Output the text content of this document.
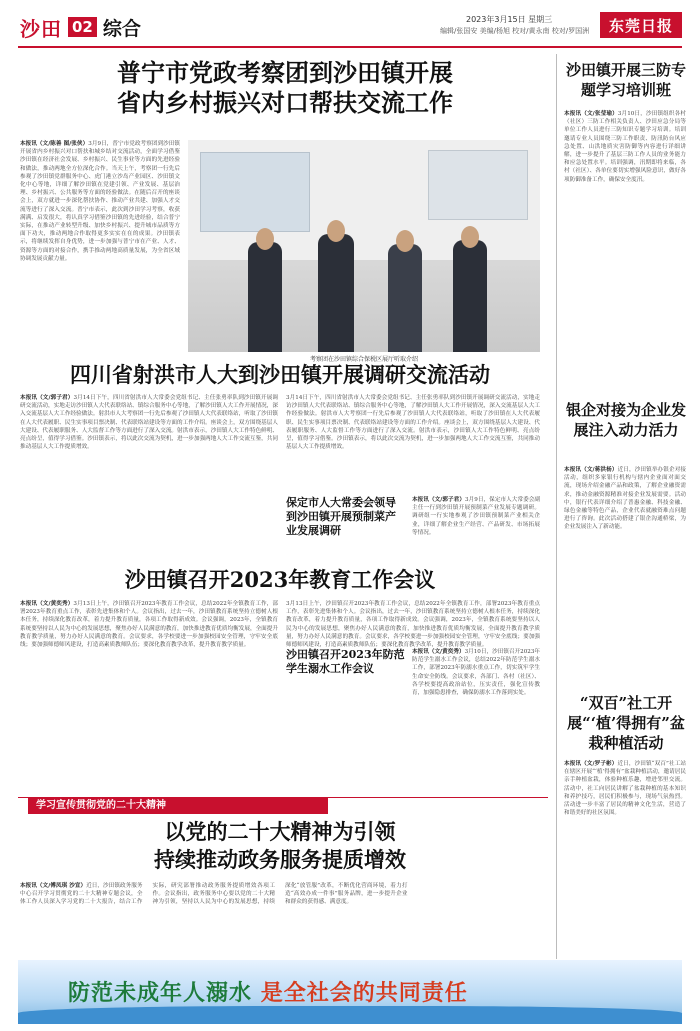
沙田 02 综合	2023年3月15日 星期三
编辑/张国安 美编/杨旭 校对/黄永南 校对/罗国洲	东莞日报
普宁市党政考察团到沙田镇开展
省内乡村振兴对口帮扶交流工作
本报讯（文/陈善 图/张侠）3月9日，普宁市党政考察团到沙田镇开展省内乡村振兴对口帮扶和城乡结对交流活动，全面学习借鉴沙田镇在经济社会发展、乡村振兴、民生事业等方面的先进经验和做法，推动两地全方位深化合作。当天上午，考察团一行先后参观了沙田镇党群服务中心、虎门港立沙岛产业园区、沙田镇文化中心等地，详细了解沙田镇在党建引领、产业发展、基层治理、乡村振兴、公共服务等方面的经验做法。在随后召开的座谈会上，双方就进一步深化帮扶协作、推动产业共建、加强人才交流等进行了深入交流。普宁市表示，此次到沙田学习考察，收获满满、启发很大，将认真学习借鉴沙田镇的先进经验，结合普宁实际，在推动产业转型升级、加快乡村振兴、提升城市品质等方面下功夫，推动两地合作取得更多实实在在的成果。沙田镇表示，将继续发挥自身优势，进一步加强与普宁市在产业、人才、资源等方面的对接合作，携手推动两地高质量发展，为全省区域协调发展贡献力量。
考察团在沙田镇综合保税区展厅听取介绍
四川省射洪市人大到沙田镇开展调研交流活动
本报讯（文/郭子君）3月14日下午，四川省射洪市人大常委会党组书记、主任张勇率队到沙田镇开展调研交流活动，实地走访沙田镇人大代表联络站、镇综合服务中心等地，了解沙田镇人大工作开展情况，深入交流基层人大工作经验做法。射洪市人大考察团一行先后参观了沙田镇人大代表联络站，听取了沙田镇在人大代表履职、民生实事项目票决制、代表联络站建设等方面的工作介绍。座谈会上，双方围绕基层人大建设、代表履职服务、人大监督工作等方面进行了深入交流。射洪市表示，沙田镇人大工作特色鲜明、亮点纷呈，值得学习借鉴。沙田镇表示，将以此次交流为契机，进一步加强两地人大工作交流互鉴，共同推动基层人大工作提质增效。
3月14日下午，四川省射洪市人大常委会党组书记、主任张勇率队到沙田镇开展调研交流活动，实地走访沙田镇人大代表联络站、镇综合服务中心等地，了解沙田镇人大工作开展情况，深入交流基层人大工作经验做法。射洪市人大考察团一行先后参观了沙田镇人大代表联络站，听取了沙田镇在人大代表履职、民生实事项目票决制、代表联络站建设等方面的工作介绍。座谈会上，双方围绕基层人大建设、代表履职服务、人大监督工作等方面进行了深入交流。射洪市表示，沙田镇人大工作特色鲜明、亮点纷呈，值得学习借鉴。沙田镇表示，将以此次交流为契机，进一步加强两地人大工作交流互鉴，共同推动基层人大工作提质增效。
保定市人大常委会领导到沙田镇开展预制菜产业发展调研
本报讯（文/郭子君）3月9日，保定市人大常委会副主任一行到沙田镇开展预制菜产业发展专题调研。调研组一行实地参观了沙田镇预制菜产业相关企业，详细了解企业生产经营、产品研发、市场拓展等情况。
沙田镇召开2023年教育工作会议
本报讯（文/黄奕秀）3月13日上午，沙田镇召开2023年教育工作会议，总结2022年全镇教育工作，部署2023年教育重点工作，表彰先进集体和个人。会议指出，过去一年，沙田镇教育系统坚持立德树人根本任务，持续深化教育改革，着力提升教育质量，各项工作取得新成效。会议强调，2023年，全镇教育系统要坚持以人民为中心的发展思想，聚焦办好人民满意的教育，加快推进教育优质均衡发展，全面提升教育教学质量，努力办好人民满意的教育。会议要求，各学校要进一步加强校园安全管理，守牢安全底线；要加强师德师风建设，打造高素质教师队伍；要深化教育教学改革，提升教育教学质量。
3月13日上午，沙田镇召开2023年教育工作会议，总结2022年全镇教育工作，部署2023年教育重点工作，表彰先进集体和个人。会议指出，过去一年，沙田镇教育系统坚持立德树人根本任务，持续深化教育改革，着力提升教育质量，各项工作取得新成效。会议强调，2023年，全镇教育系统要坚持以人民为中心的发展思想，聚焦办好人民满意的教育，加快推进教育优质均衡发展，全面提升教育教学质量，努力办好人民满意的教育。会议要求，各学校要进一步加强校园安全管理，守牢安全底线；要加强师德师风建设，打造高素质教师队伍；要深化教育教学改革，提升教育教学质量。
沙田镇召开2023年防范学生溺水工作会议
本报讯（文/黄奕秀）3月10日，沙田镇召开2023年防范学生溺水工作会议，总结2022年防范学生溺水工作，部署2023年防溺水重点工作，切实筑牢学生生命安全防线。会议要求，各部门、各村（社区）、各学校要提高政治站位，压实责任，强化宣传教育，加强隐患排查，确保防溺水工作落到实处。
学习宣传贯彻党的二十大精神
以党的二十大精神为引领
持续推动政务服务提质增效
本报讯（文/傅凤琪 沙宣）近日，沙田镇政务服务中心召开学习贯彻党的二十大精神专题会议，全体工作人员深入学习党的二十大报告，结合工作实际，研究部署推动政务服务提质增效各项工作。会议指出，政务服务中心要以党的二十大精神为引领，坚持以人民为中心的发展思想，持续深化“放管服”改革，不断优化营商环境，着力打造“高效办成一件事”服务品牌，进一步提升企业和群众的获得感、满意度。
沙田镇开展三防专题学习培训班
本报讯（文/张莹瑜）3月10日，沙田镇组织各村（社区）三防工作相关负责人、沙田应急分局等单位工作人员进行三防知识专题学习培训。培训邀请专业人员围绕三防工作职责、防汛防台风应急处置、山洪地质灾害防御等内容进行详细讲解，进一步提升了基层三防工作人员的业务能力和应急处置水平。培训强调，汛期即将来临，各村（社区）、各单位要切实增强风险意识，做好各项防御准备工作，确保安全度汛。
银企对接为企业发展注入动力活力
本报讯（文/蒋洪杨）近日，沙田镇举办银企对接活动，组织多家银行机构与辖内企业面对面交流，现场介绍金融产品和政策，了解企业融资需求，推动金融资源精准对接企业发展需要。活动中，银行代表详细介绍了普惠金融、科技金融、绿色金融等特色产品，企业代表就融资难点问题进行了咨询。此次活动搭建了银企沟通桥梁，为企业发展注入了新动能。
“双百”社工开展“‘植’得拥有”盆栽种植活动
本报讯（文/罗子彬）近日，沙田镇“双百”社工站在辖区开展“‘植’得拥有”盆栽种植活动，邀请居民亲手种植盆栽，体验种植乐趣，增进邻里交流。活动中，社工向居民讲解了盆栽种植的基本知识和养护技巧，居民们积极参与，现场气氛热烈。活动进一步丰富了居民的精神文化生活，营造了和谐美好的社区氛围。
防范未成年人溺水 是全社会的共同责任
